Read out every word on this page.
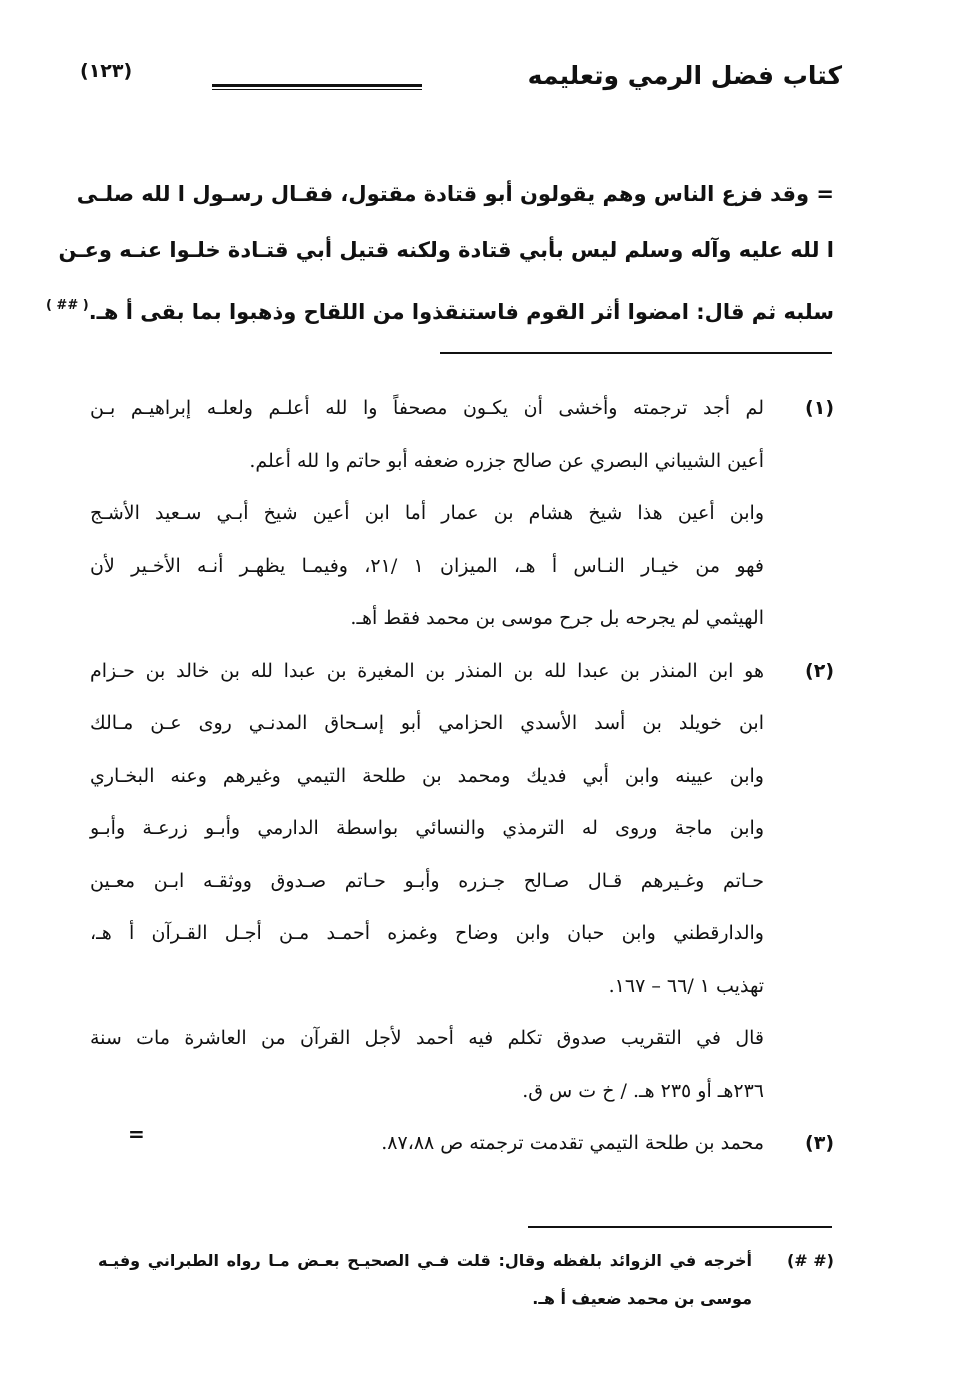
كتاب فضل الرمي وتعليمه
(١٢٣)
= وقد فزع الناس وهم يقولون أبو قتادة مقتول، فقـال رسـول ا لله صلـى
ا لله عليه وآله وسلم ليس بأبي قتادة ولكنه قتيل أبي قتـادة خلـوا عنـه وعـن
سلبه ثم قال: امضوا أثر القوم فاستنقذوا من اللقاح وذهبوا بما بقى أ هـ.( ## )
(١)
لم أجد ترجمته وأخشى أن يكـون مصحفاً وا لله أعلـم ولعلـه إبراهيـم بـن
أعين الشيباني البصري عن صالح جزره ضعفه أبو حاتم وا لله أعلم.
وابن أعين هذا شيخ هشام بن عمار أما ابن أعين شيخ أبـي سـعيد الأشـج
فهو من خيـار النـاس أ هـ، الميزان ١ /٢١، وفيمـا يظهـر أنـه الأخـير لأن
الهيثمي لم يجرحه بل جرح موسى بن محمد فقط أهـ.
(٢)
هو ابن المنذر بن عبدا لله بن المنذر بن المغيرة بن عبدا لله بن خالد بن حـزام
ابن خويلد بن أسد الأسدي الحزامي أبو إسـحاق المدنـي روى عـن مـالك
وابن عيينه وابن أبي فديك ومحمد بن طلحة التيمي وغيرهم وعنه البخـاري
وابن ماجة وروى له الترمذي والنسائي بواسطة الدارمي وأبـو زرعـة وأبـو
حـاتم وغـيرهم قـال صـالح جـزره وأبـو حـاتم صـدوق ووثقـه ابـن معـين
والدارقطني وابن حبان وابن وضاح وغمزه أحمـد مـن أجـل القـرآن أ هـ،
تهذيب ١ /٦٦ – ١٦٧.
قال في التقريب صدوق تكلم فيه أحمد لأجل القرآن من العاشرة مات سنة
٢٣٦هـ أو ٢٣٥ هـ. / خ ت س ق.
(٣)
محمد بن طلحة التيمي تقدمت ترجمته ص ٨٧،٨٨.
=
(# #)
أخرجه في الزوائد بلفظه وقال: قلت فـي الصحيـح بعـض مـا رواه الطبراني وفيـه
موسى بن محمد ضعيف أ هـ.
